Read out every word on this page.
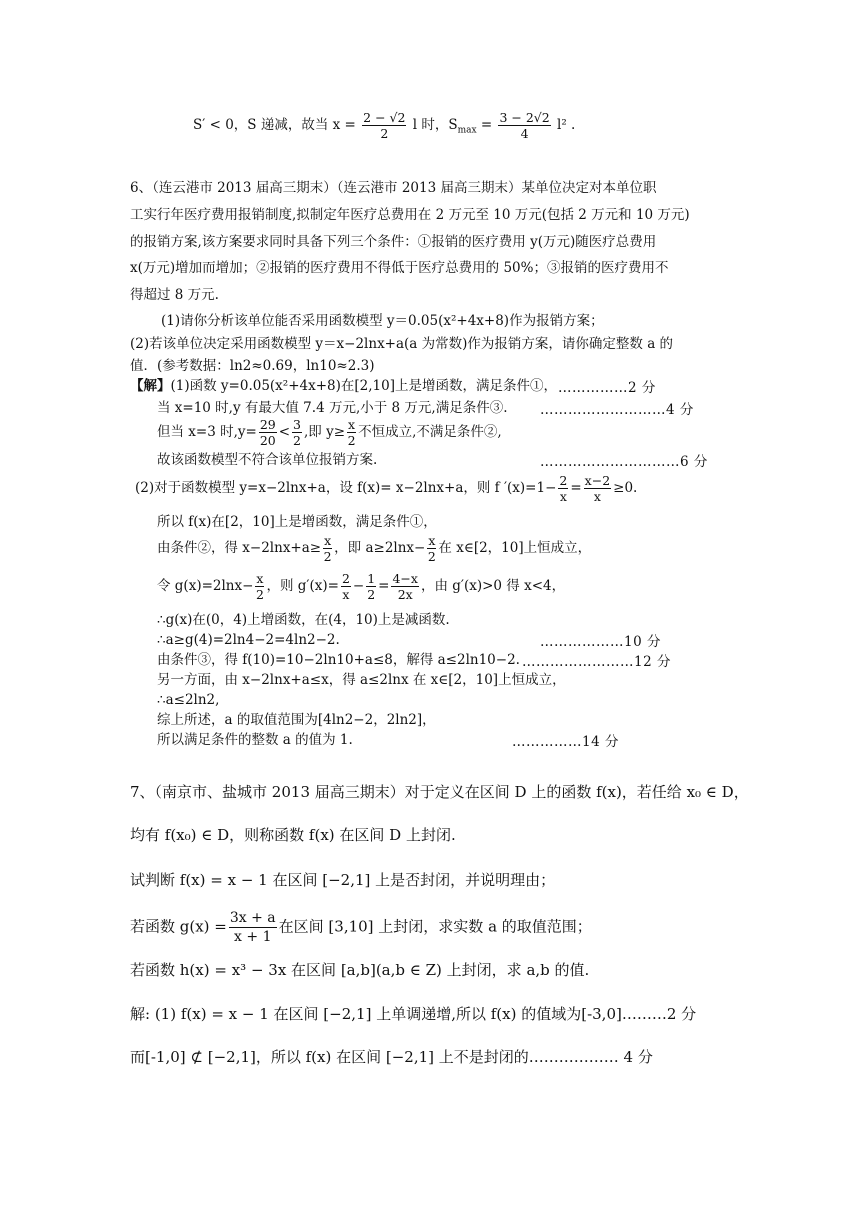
S′ < 0，S 递减，故当 $x = \frac{2 - √2}{2}$ l 时，$S_{max} = \frac{3 - 2√2}{4} l^2$ .
6、（连云港市 2013 届高三期末）（连云港市 2013 届高三期末）某单位决定对本单位职
工实行年医疗费用报销制度,拟制定年医疗总费用在 2 万元至 10 万元(包括 2 万元和 10 万元)
的报销方案,该方案要求同时具备下列三个条件：①报销的医疗费用 y(万元)随医疗总费用
x(万元)增加而增加；②报销的医疗费用不得低于医疗总费用的 50%；③报销的医疗费用不
得超过 8 万元.
(1)请你分析该单位能否采用函数模型 y＝0.05(x²+4x+8)作为报销方案；
(2)若该单位决定采用函数模型 y＝x−2lnx+a(a 为常数)作为报销方案，请你确定整数 a 的
值．(参考数据：ln2≈0.69，ln10≈2.3)
【解】(1)函数 y=0.05(x²+4x+8)在[2,10]上是增函数，满足条件①， ……………2 分
当 x=10 时,y 有最大值 7.4 万元,小于 8 万元,满足条件③. ………………………4 分
但当 x=3 时$,y= \frac{29}{20} < \frac{3}{2}$ ,即 $y\ge \frac{x}{2}$ 不恒成立,不满足条件②,
故该函数模型不符合该单位报销方案.	…………………………6 分
(2)对于函数模型 y=x−2lnx+a，设 f(x)= x−2lnx+a，则 f $'(x)=1- \frac{2}{x} = \frac{x-2}{x} \ge 0$.
所以 f(x)在[2，10]上是增函数，满足条件①，
由条件②，得 $x-2\ln x+a\ge \frac{x}{2}$ ，即 $a\ge 2\ln x- \frac{x}{2}$ 在 x∈[2，10]上恒成立，
令 $g(x)=2\ln x- \frac{x}{2}$ ，则 $g'(x)= \frac{2}{x} - \frac{1}{2} = \frac{4-x}{2x}$ ，由 g′(x)>0 得 x<4，
∴g(x)在(0，4)上增函数，在(4，10)上是减函数.
∴a≥g(4)=2ln4−2=4ln2−2.	………………10 分
由条件③，得 f(10)=10−2ln10+a≤8，解得 a≤2ln10−2. ……………………12 分
另一方面，由 x−2lnx+a≤x，得 a≤2lnx 在 x∈[2，10]上恒成立，
∴a≤2ln2,
综上所述，a 的取值范围为[4ln2−2，2ln2]，
所以满足条件的整数 a 的值为 1.	……………14 分
7、（南京市、盐城市 2013 届高三期末）对于定义在区间 D 上的函数 f(x)，若任给 x₀ ∈ D，
均有 f(x₀) ∈ D，则称函数 f(x) 在区间 D 上封闭.
试判断 f(x) = x − 1 在区间 [−2,1] 上是否封闭，并说明理由；
若函数 $g(x) = \frac{3x + a}{x + 1}$ 在区间 [3,10] 上封闭，求实数 a 的取值范围；
若函数 h(x) = x³ − 3x 在区间 [a,b](a,b ∈ Z) 上封闭，求 a,b 的值.
解: (1) f(x) = x − 1 在区间 [−2,1] 上单调递增,所以 f(x) 的值域为[-3,0]………2 分
而[-1,0] ⊄ [−2,1]，所以 f(x) 在区间 [−2,1] 上不是封闭的……………… 4 分
